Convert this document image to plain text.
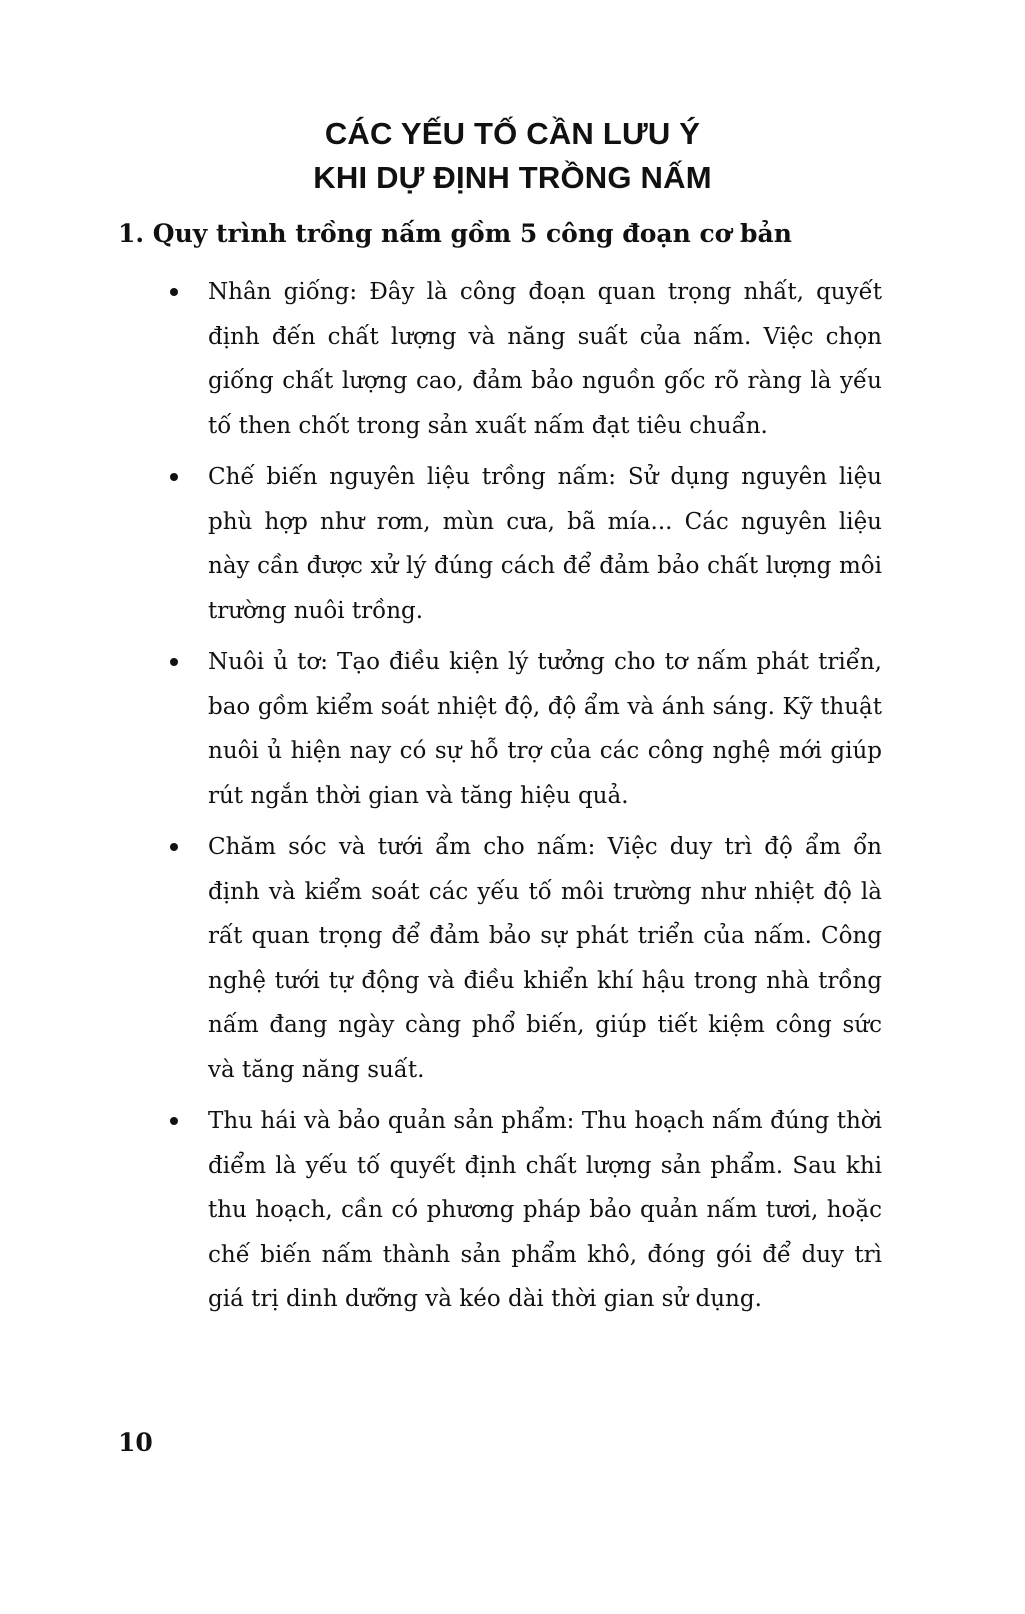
CÁC YẾU TỐ CẦN LƯU Ý
KHI DỰ ĐỊNH TRỒNG NẤM
1. Quy trình trồng nấm gồm 5 công đoạn cơ bản
Nhân giống: Đây là công đoạn quan trọng nhất, quyết định đến chất lượng và năng suất của nấm. Việc chọn giống chất lượng cao, đảm bảo nguồn gốc rõ ràng là yếu tố then chốt trong sản xuất nấm đạt tiêu chuẩn.
Chế biến nguyên liệu trồng nấm: Sử dụng nguyên liệu phù hợp như rơm, mùn cưa, bã mía... Các nguyên liệu này cần được xử lý đúng cách để đảm bảo chất lượng môi trường nuôi trồng.
Nuôi ủ tơ: Tạo điều kiện lý tưởng cho tơ nấm phát triển, bao gồm kiểm soát nhiệt độ, độ ẩm và ánh sáng. Kỹ thuật nuôi ủ hiện nay có sự hỗ trợ của các công nghệ mới giúp rút ngắn thời gian và tăng hiệu quả.
Chăm sóc và tưới ẩm cho nấm: Việc duy trì độ ẩm ổn định và kiểm soát các yếu tố môi trường như nhiệt độ là rất quan trọng để đảm bảo sự phát triển của nấm. Công nghệ tưới tự động và điều khiển khí hậu trong nhà trồng nấm đang ngày càng phổ biến, giúp tiết kiệm công sức và tăng năng suất.
Thu hái và bảo quản sản phẩm: Thu hoạch nấm đúng thời điểm là yếu tố quyết định chất lượng sản phẩm. Sau khi thu hoạch, cần có phương pháp bảo quản nấm tươi, hoặc chế biến nấm thành sản phẩm khô, đóng gói để duy trì giá trị dinh dưỡng và kéo dài thời gian sử dụng.
10
